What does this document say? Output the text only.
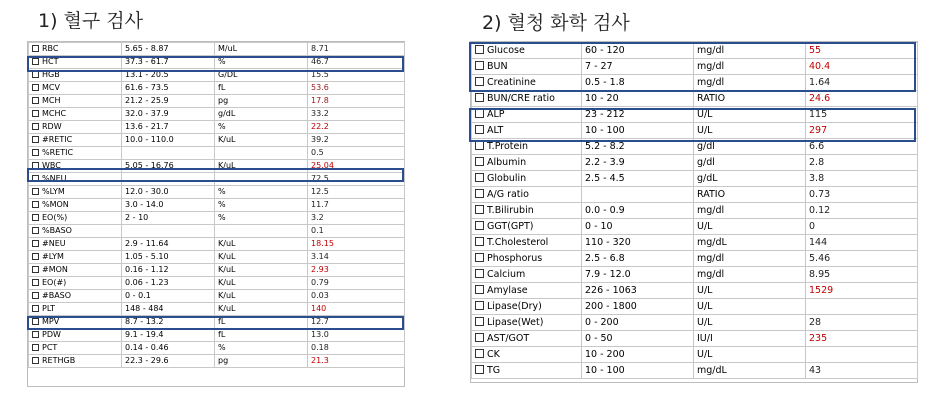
1) 혈구 검사	2) 혈청 화학 검사
RBC	5.65 - 8.87	M/uL	8.71
HCT	37.3 - 61.7	%	46.7
HGB	13.1 - 20.5	G/DL	15.5
MCV	61.6 - 73.5	fL	53.6
MCH	21.2 - 25.9	pg	17.8
MCHC	32.0 - 37.9	g/dL	33.2
RDW	13.6 - 21.7	%	22.2
#RETIC	10.0 - 110.0	K/uL	39.2
%RETIC			0.5
WBC	5.05 - 16.76	K/uL	25.04
%NEU			72.5
%LYM	12.0 - 30.0	%	12.5
%MON	3.0 - 14.0	%	11.7
EO(%)	2 - 10	%	3.2
%BASO			0.1
#NEU	2.9 - 11.64	K/uL	18.15
#LYM	1.05 - 5.10	K/uL	3.14
#MON	0.16 - 1.12	K/uL	2.93
EO(#)	0.06 - 1.23	K/uL	0.79
#BASO	0 - 0.1	K/uL	0.03
PLT	148 - 484	K/uL	140
MPV	8.7 - 13.2	fL	12.7
PDW	9.1 - 19.4	fL	13.0
PCT	0.14 - 0.46	%	0.18
RETHGB	22.3 - 29.6	pg	21.3
Glucose	60 - 120	mg/dl	55
BUN	7 - 27	mg/dl	40.4
Creatinine	0.5 - 1.8	mg/dl	1.64
BUN/CRE ratio	10 - 20	RATIO	24.6
ALP	23 - 212	U/L	115
ALT	10 - 100	U/L	297
T.Protein	5.2 - 8.2	g/dl	6.6
Albumin	2.2 - 3.9	g/dl	2.8
Globulin	2.5 - 4.5	g/dL	3.8
A/G ratio		RATIO	0.73
T.Bilirubin	0.0 - 0.9	mg/dl	0.12
GGT(GPT)	0 - 10	U/L	0
T.Cholesterol	110 - 320	mg/dL	144
Phosphorus	2.5 - 6.8	mg/dl	5.46
Calcium	7.9 - 12.0	mg/dl	8.95
Amylase	226 - 1063	U/L	1529
Lipase(Dry)	200 - 1800	U/L	
Lipase(Wet)	0 - 200	U/L	28
AST/GOT	0 - 50	IU/I	235
CK	10 - 200	U/L	
TG	10 - 100	mg/dL	43
